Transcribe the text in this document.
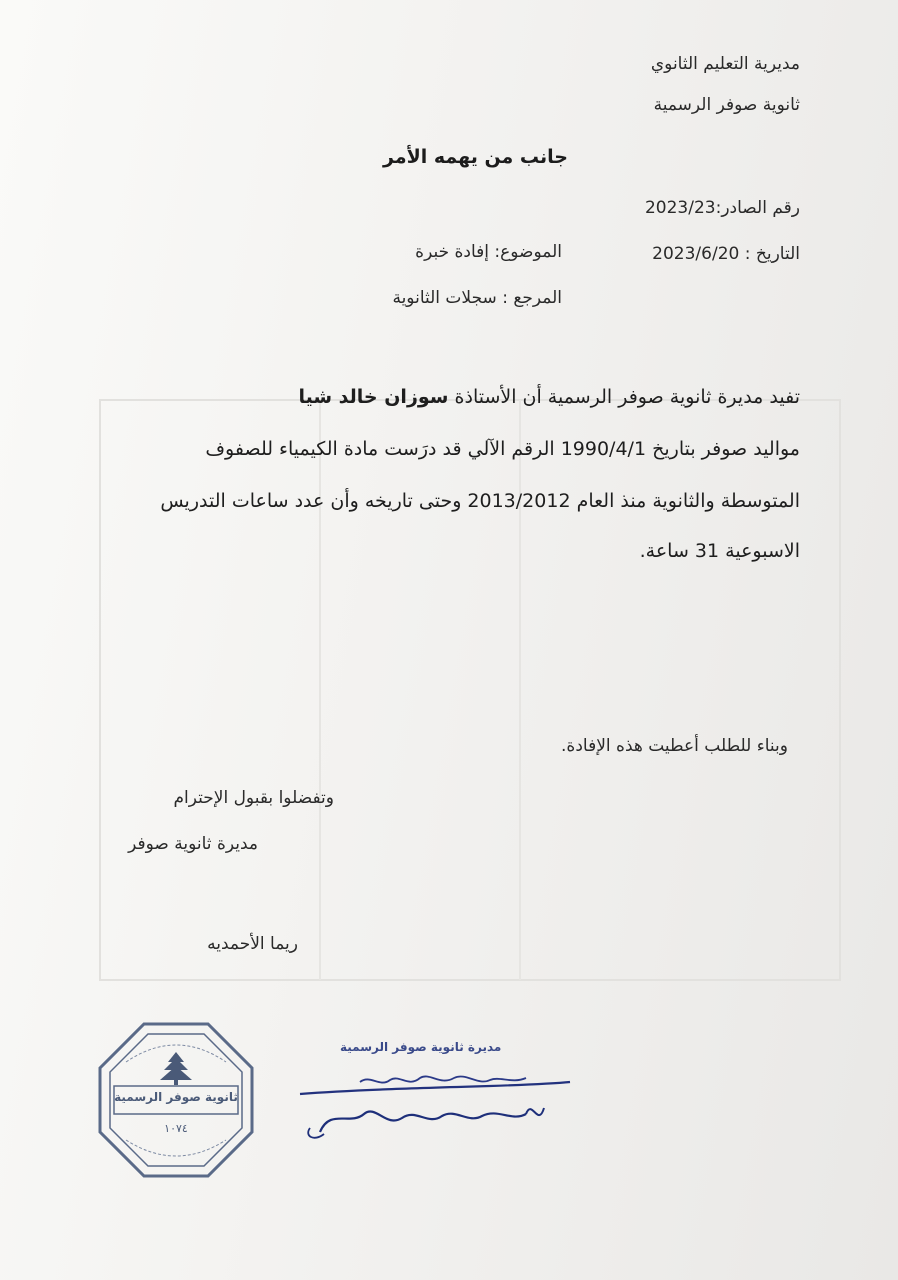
مديرية التعليم الثانوي
ثانوية صوفر الرسمية
جانب من يهمه الأمر
رقم الصادر:2023/23
التاريخ : 2023/6/20
الموضوع: إفادة خبرة
المرجع : سجلات الثانوية
تفيد مديرة ثانوية صوفر الرسمية أن الأستاذة سوزان خالد شيا
مواليد صوفر بتاريخ 1990/4/1 الرقم الآلي قد درَست مادة الكيمياء للصفوف
المتوسطة والثانوية منذ العام 2013/2012 وحتى تاريخه وأن عدد ساعات التدريس
الاسبوعية 31 ساعة.
وبناء للطلب أعطيت هذه الإفادة.
وتفضلوا بقبول الإحترام
مديرة ثانوية صوفر
ريما الأحمديه
ثانوية صوفر الرسمية
١٠٧٤
مديرة ثانوية صوفر الرسمية
